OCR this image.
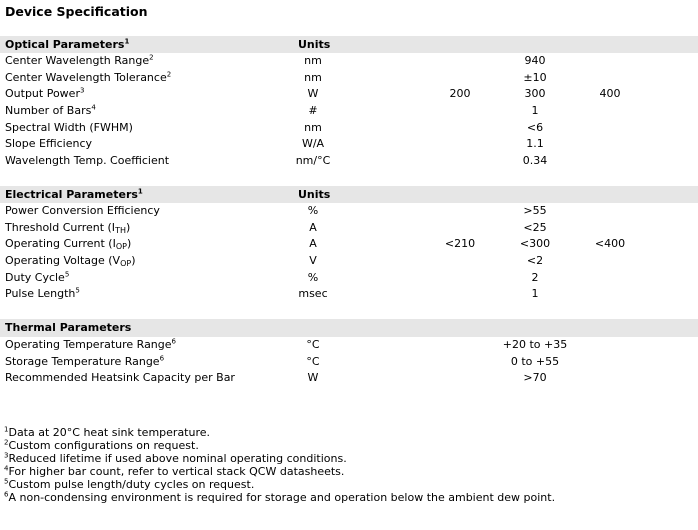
Device Specification
Optical Parameters$^1$	Units
Center Wavelength Range$^2$	nm	940
Center Wavelength Tolerance$^2$	nm	±10
Output Power$^3$	W	200	300	400
Number of Bars$^4$	#	1
Spectral Width (FWHM)	nm	<6
Slope Efficiency	W/A	1.1
Wavelength Temp. Coefficient	nm/°C	0.34
Electrical Parameters$^1$	Units
Power Conversion Efficiency	%	>55
Threshold Current $(I_{TH})$	A	<25
Operating Current $(I_{OP})$	A	<210	<300	<400
Operating Voltage $(V_{OP})$	V	<2
Duty Cycle$^5$	%	2
Pulse Length$^5$	msec	1
Thermal Parameters
Operating Temperature Range$^6$	°C	+20 to +35
Storage Temperature Range$^6$	°C	0 to +55
Recommended Heatsink Capacity per Bar	W	>70
$^1$Data at 20°C heat sink temperature.
$^2$Custom configurations on request.
$^3$Reduced lifetime if used above nominal operating conditions.
$^4$For higher bar count, refer to vertical stack QCW datasheets.
$^5$Custom pulse length/duty cycles on request.
$^6$A non-condensing environment is required for storage and operation below the ambient dew point.
